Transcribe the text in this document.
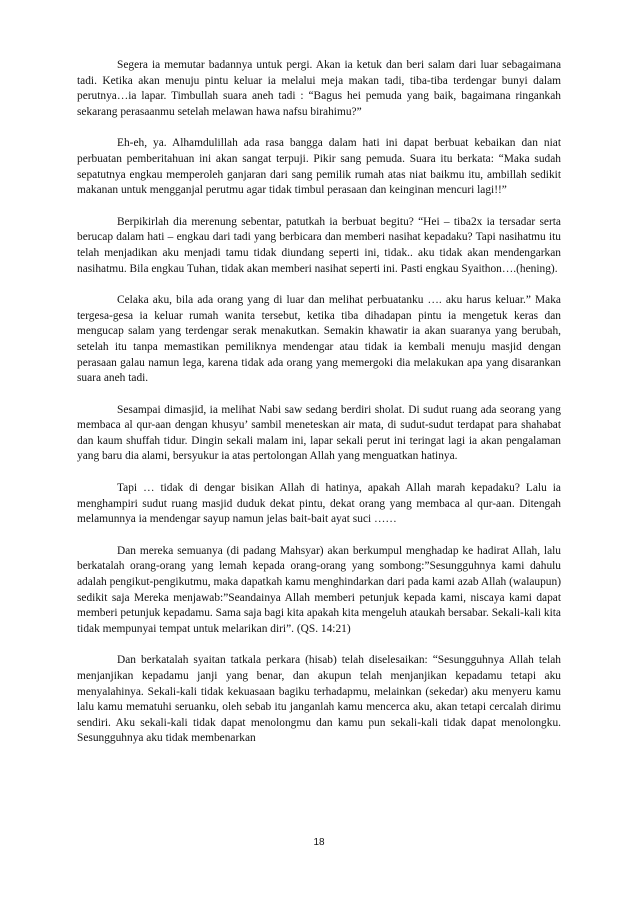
Segera ia memutar badannya untuk pergi. Akan ia ketuk dan beri salam dari luar sebagaimana tadi. Ketika akan menuju pintu keluar ia melalui meja makan tadi, tiba-tiba terdengar bunyi dalam perutnya…ia lapar. Timbullah suara aneh tadi : “Bagus hei pemuda yang baik, bagaimana ringankah sekarang perasaanmu setelah melawan hawa nafsu birahimu?”

Eh-eh, ya. Alhamdulillah ada rasa bangga dalam hati ini dapat berbuat kebaikan dan niat perbuatan pemberitahuan ini akan sangat terpuji. Pikir sang pemuda. Suara itu berkata: “Maka sudah sepatutnya engkau memperoleh ganjaran dari sang pemilik rumah atas niat baikmu itu, ambillah sedikit makanan untuk mengganjal perutmu agar tidak timbul perasaan dan keinginan mencuri lagi!!”

Berpikirlah dia merenung sebentar, patutkah ia berbuat begitu? “Hei – tiba2x ia tersadar serta berucap dalam hati – engkau dari tadi yang berbicara dan memberi nasihat kepadaku? Tapi nasihatmu itu telah menjadikan aku menjadi tamu tidak diundang seperti ini, tidak.. aku tidak akan mendengarkan nasihatmu. Bila engkau Tuhan, tidak akan memberi nasihat seperti ini. Pasti engkau Syaithon….(hening).

Celaka aku, bila ada orang yang di luar dan melihat perbuatanku …. aku harus keluar.” Maka tergesa-gesa ia keluar rumah wanita tersebut, ketika tiba dihadapan pintu ia mengetuk keras dan mengucap salam yang terdengar serak menakutkan. Semakin khawatir ia akan suaranya yang berubah, setelah itu tanpa memastikan pemiliknya mendengar atau tidak ia kembali menuju masjid dengan perasaan galau namun lega, karena tidak ada orang yang memergoki dia melakukan apa yang disarankan suara aneh tadi.

Sesampai dimasjid, ia melihat Nabi saw sedang berdiri sholat. Di sudut ruang ada seorang yang membaca al qur-aan dengan khusyu’ sambil meneteskan air mata, di sudut-sudut terdapat para shahabat dan kaum shuffah tidur. Dingin sekali malam ini, lapar sekali perut ini teringat lagi ia akan pengalaman yang baru dia alami, bersyukur ia atas pertolongan Allah yang menguatkan hatinya.

Tapi … tidak di dengar bisikan Allah di hatinya, apakah Allah marah kepadaku? Lalu ia menghampiri sudut ruang masjid duduk dekat pintu, dekat orang yang membaca al qur-aan. Ditengah melamunnya ia mendengar sayup namun jelas bait-bait ayat suci ……

Dan mereka semuanya (di padang Mahsyar) akan berkumpul menghadap ke hadirat Allah, lalu berkatalah orang-orang yang lemah kepada orang-orang yang sombong:”Sesungguhnya kami dahulu adalah pengikut-pengikutmu, maka dapatkah kamu menghindarkan dari pada kami azab Allah (walaupun) sedikit saja Mereka menjawab:”Seandainya Allah memberi petunjuk kepada kami, niscaya kami dapat memberi petunjuk kepadamu. Sama saja bagi kita apakah kita mengeluh ataukah bersabar. Sekali-kali kita tidak mempunyai tempat untuk melarikan diri”. (QS. 14:21)

Dan berkatalah syaitan tatkala perkara (hisab) telah diselesaikan: “Sesungguhnya Allah telah menjanjikan kepadamu janji yang benar, dan akupun telah menjanjikan kepadamu tetapi aku menyalahinya. Sekali-kali tidak kekuasaan bagiku terhadapmu, melainkan (sekedar) aku menyeru kamu lalu kamu mematuhi seruanku, oleh sebab itu janganlah kamu mencerca aku, akan tetapi cercalah dirimu sendiri. Aku sekali-kali tidak dapat menolongmu dan kamu pun sekali-kali tidak dapat menolongku. Sesungguhnya aku tidak membenarkan

18
